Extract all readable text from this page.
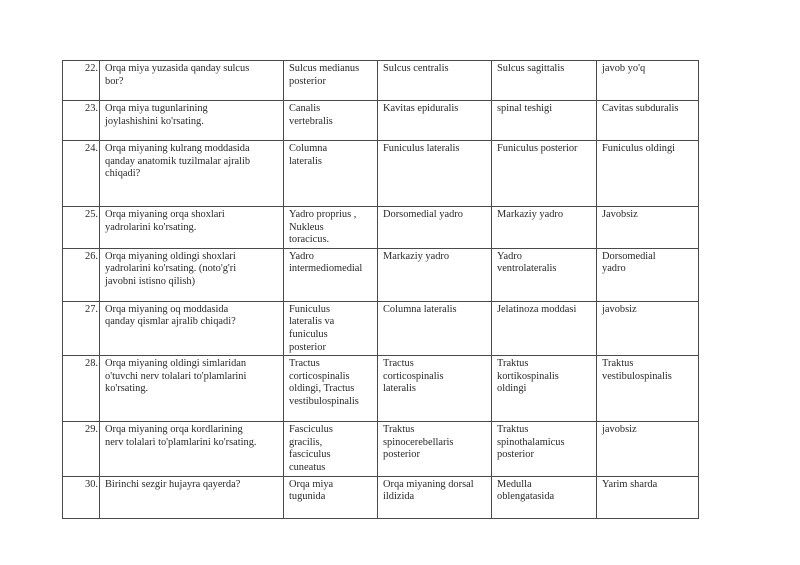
22.	Orqa miya yuzasida qanday sulcus
bor?	Sulcus medianus
posterior	Sulcus centralis	Sulcus sagittalis	javob yo'q
23.	Orqa miya tugunlarining
joylashishini ko'rsating.	Canalis
vertebralis	Kavitas epiduralis	spinal teshigi	Cavitas subduralis
24.	Orqa miyaning kulrang moddasida
qanday anatomik tuzilmalar ajralib
chiqadi?	Columna
lateralis	Funiculus lateralis	Funiculus posterior	Funiculus oldingi
25.	Orqa miyaning orqa shoxlari
yadrolarini ko'rsating.	Yadro proprius ,
Nukleus
toracicus.	Dorsomedial yadro	Markaziy yadro	Javobsiz
26.	Orqa miyaning oldingi shoxlari
yadrolarini ko'rsating. (noto'g'ri
javobni istisno qilish)	Yadro
intermediomedial	Markaziy yadro	Yadro
ventrolateralis	Dorsomedial
yadro
27.	Orqa miyaning oq moddasida
qanday qismlar ajralib chiqadi?	Funiculus
lateralis va
funiculus
posterior	Columna lateralis	Jelatinoza moddasi	javobsiz
28.	Orqa miyaning oldingi simlaridan
o'tuvchi nerv tolalari to'plamlarini
ko'rsating.	Tractus
corticospinalis
oldingi, Tractus
vestibulospinalis	Tractus
corticospinalis
lateralis	Traktus
kortikospinalis
oldingi	Traktus
vestibulospinalis
29.	Orqa miyaning orqa kordlarining
nerv tolalari to'plamlarini ko'rsating.	Fasciculus
gracilis,
fasciculus
cuneatus	Traktus
spinocerebellaris
posterior	Traktus
spinothalamicus
posterior	javobsiz
30.	Birinchi sezgir hujayra qayerda?	Orqa miya
tugunida	Orqa miyaning dorsal
ildizida	Medulla
oblengatasida	Yarim sharda
